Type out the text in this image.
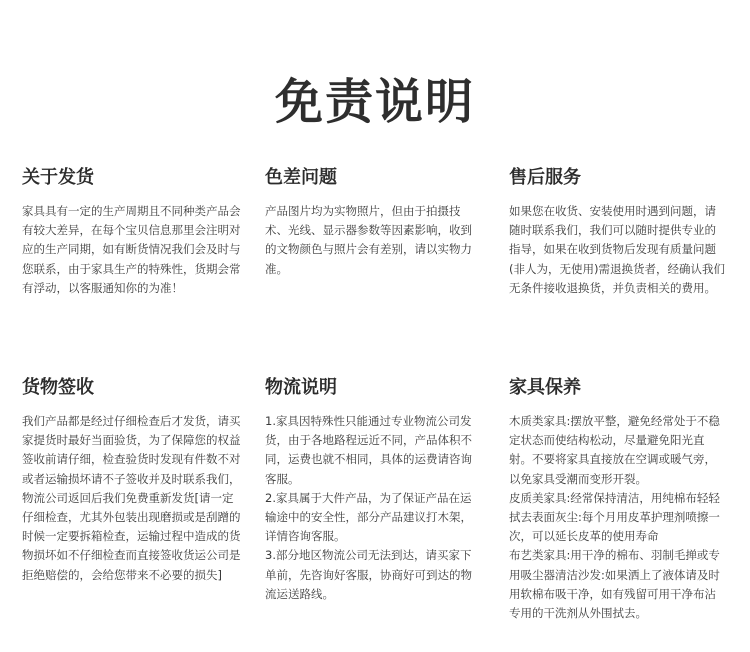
免责说明
关于发货
家具具有一定的生产周期且不同种类产品会有较大差异，在每个宝贝信息那里会注明对应的生产同期，如有断货情况我们会及时与您联系，由于家具生产的特殊性，货期会常有浮动，以客服通知你的为准！
色差问题
产品图片均为实物照片，但由于拍摄技术、光线、显示器参数等因素影响，收到的文物颜色与照片会有差别，请以实物力准。
售后服务
如果您在收货、安装使用时遇到问题，请随时联系我们，我们可以随时提供专业的指导，如果在收到货物后发现有质量问题(非人为，无使用)需退换货者，经确认我们无条件接收退换货，并负责相关的费用。
货物签收
我们产品都是经过仔细检查后才发货，请买家提货时最好当面验货，为了保障您的权益签收前请仔细，检查验货时发现有件数不对或者运输损坏请不子签收并及时联系我们，物流公司返回后我们免费重新发货[请一定仔细检查，尤其外包装出现磨损或是刮蹭的时候一定要拆箱检查，运输过程中造成的货物损坏如不仔细检查而直接签收货运公司是拒绝赔偿的，会给您带来不必要的损失]
物流说明
1.家具因特殊性只能通过专业物流公司发货，由于各地路程远近不同，产品体积不同，运费也就不相同，具体的运费请咨询客服。
2.家具属于大件产品，为了保证产品在运输途中的安全性，部分产品建议打木架，详情咨询客服。
3.部分地区物流公司无法到达，请买家下单前，先咨询好客服，协商好可到达的物流运送路线。
家具保养
木质类家具:摆放平整，避免经常处于不稳定状态而使结构松动，尽量避免阳光直射。不要将家具直接放在空调或暖气旁，以免家具受潮而变形开裂。
皮质美家具:经常保持清洁，用纯棉布轻轻拭去表面灰尘:每个月用皮革护理剂喷擦一次，可以延长皮革的使用寿命
布艺类家具:用干净的棉布、羽制毛掸或专用吸尘器清洁沙发:如果洒上了液体请及时用软棉布吸干净，如有残留可用干净布沾专用的干洗剂从外围拭去。
